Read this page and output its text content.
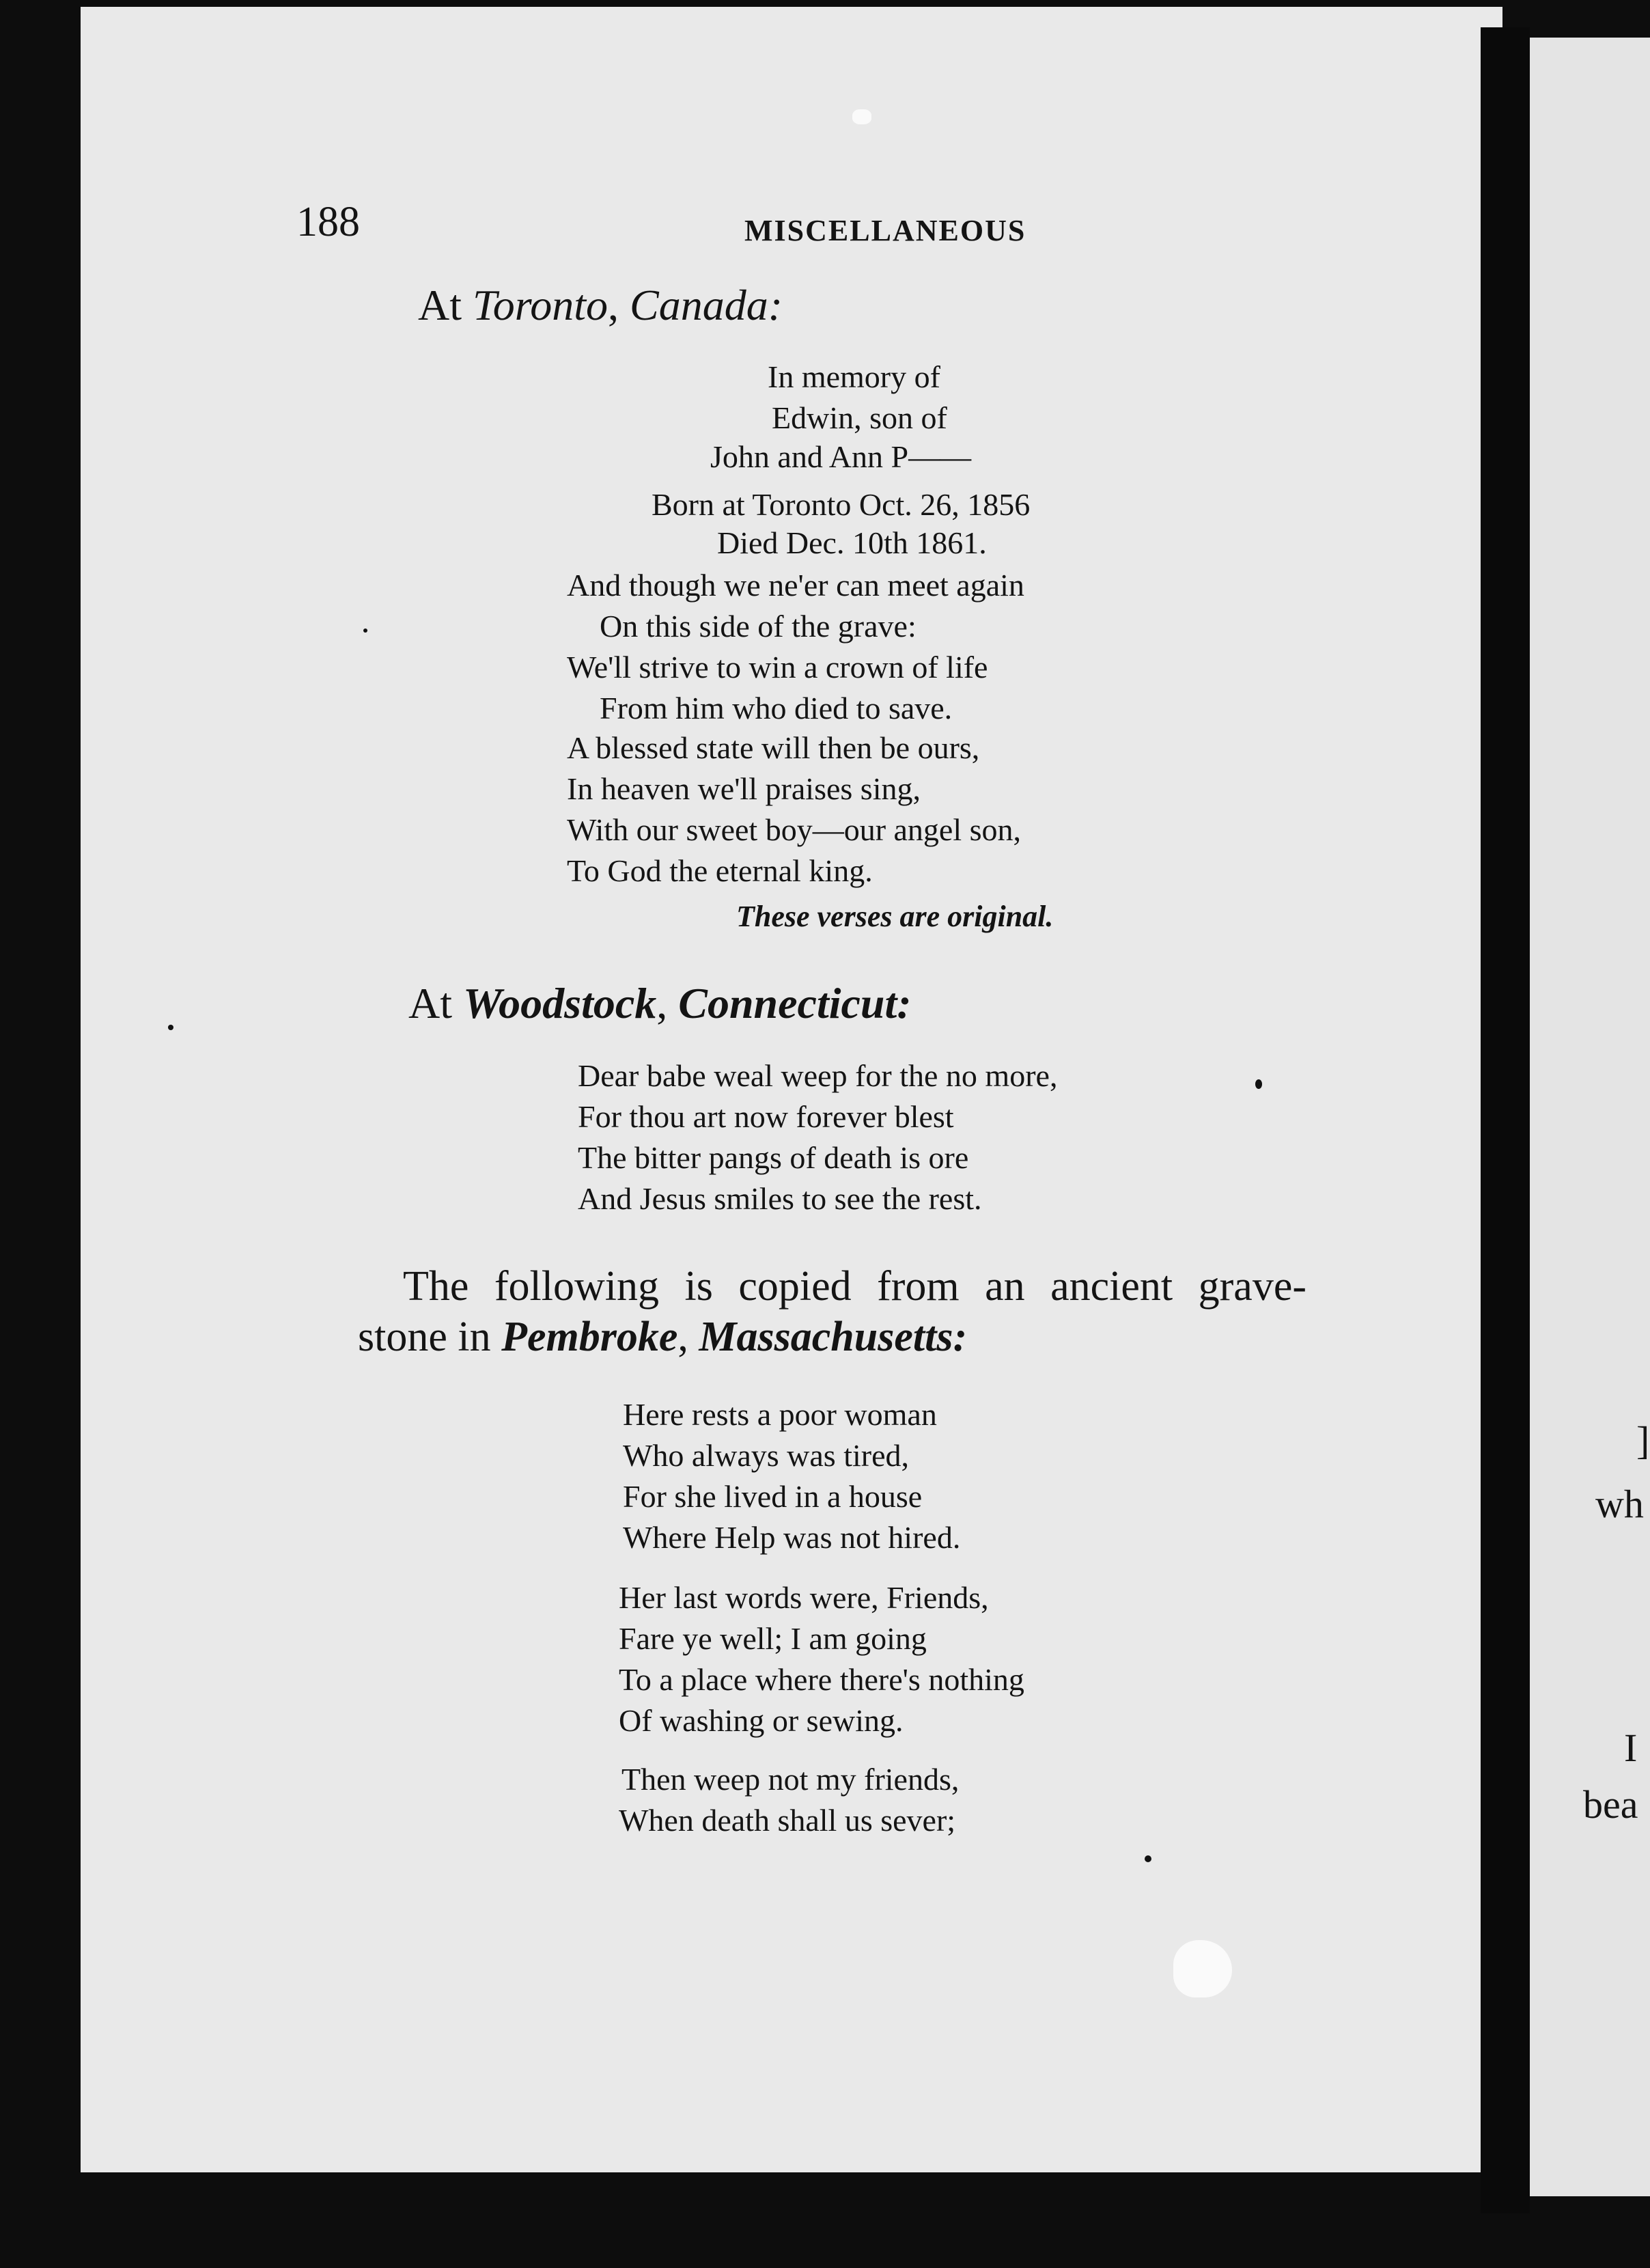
188	MISCELLANEOUS
At Toronto, Canada:
In memory of
Edwin, son of
John and Ann P——
Born at Toronto Oct. 26, 1856
Died Dec. 10th 1861.
And though we ne'er can meet again
On this side of the grave:
We'll strive to win a crown of life
From him who died to save.
A blessed state will then be ours,
In heaven we'll praises sing,
With our sweet boy—our angel son,
To God the eternal king.
These verses are original.
At Woodstock, Connecticut:
Dear babe weal weep for the no more,
For thou art now forever blest
The bitter pangs of death is ore
And Jesus smiles to see the rest.
The following is copied from an ancient grave-
stone in Pembroke, Massachusetts:
Here rests a poor woman
Who always was tired,
For she lived in a house
Where Help was not hired.
Her last words were, Friends,
Fare ye well; I am going
To a place where there's nothing
Of washing or sewing.
Then weep not my friends,
When death shall us sever;
]
wh
I
bea
